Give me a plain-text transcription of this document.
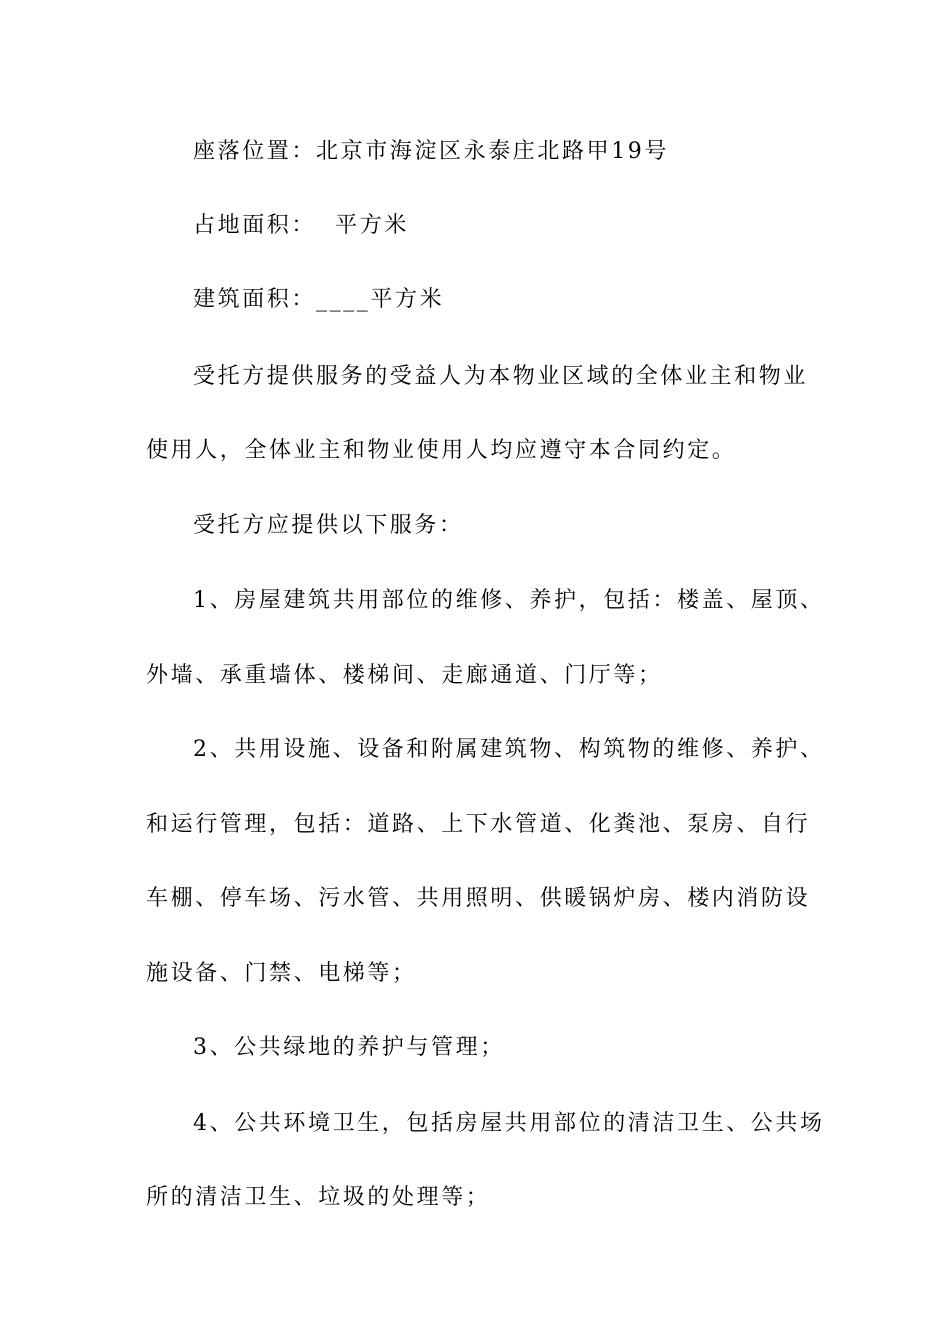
座落位置：北京市海淀区永泰庄北路甲19号
占地面积：  平方米
建筑面积：____平方米
受托方提供服务的受益人为本物业区域的全体业主和物业
使用人，全体业主和物业使用人均应遵守本合同约定。
受托方应提供以下服务：
1、房屋建筑共用部位的维修、养护，包括：楼盖、屋顶、
外墙、承重墙体、楼梯间、走廊通道、门厅等；
2、共用设施、设备和附属建筑物、构筑物的维修、养护、
和运行管理，包括：道路、上下水管道、化粪池、泵房、自行
车棚、停车场、污水管、共用照明、供暖锅炉房、楼内消防设
施设备、门禁、电梯等；
3、公共绿地的养护与管理；
4、公共环境卫生，包括房屋共用部位的清洁卫生、公共场
所的清洁卫生、垃圾的处理等；
